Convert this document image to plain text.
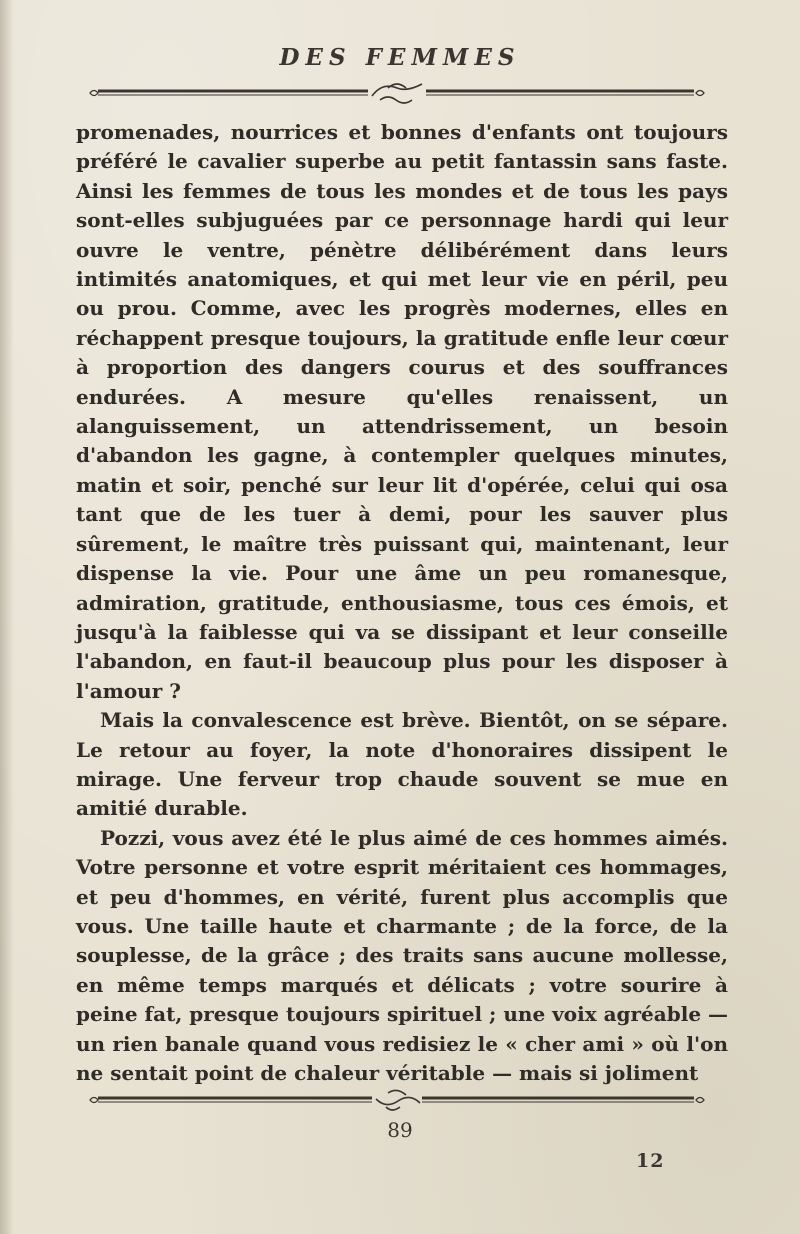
DES FEMMES

promenades, nourrices et bonnes d'enfants ont toujours préféré le cavalier superbe au petit fantassin sans faste. Ainsi les femmes de tous les mondes et de tous les pays sont-elles subjuguées par ce personnage hardi qui leur ouvre le ventre, pénètre délibérément dans leurs intimités anatomiques, et qui met leur vie en péril, peu ou prou. Comme, avec les progrès modernes, elles en réchappent presque toujours, la gratitude enfle leur cœur à proportion des dangers courus et des souffrances endurées. A mesure qu'elles renaissent, un alanguissement, un attendrissement, un besoin d'abandon les gagne, à contempler quelques minutes, matin et soir, penché sur leur lit d'opérée, celui qui osa tant que de les tuer à demi, pour les sauver plus sûrement, le maître très puissant qui, maintenant, leur dispense la vie. Pour une âme un peu romanesque, admiration, gratitude, enthousiasme, tous ces émois, et jusqu'à la faiblesse qui va se dissipant et leur conseille l'abandon, en faut-il beaucoup plus pour les disposer à l'amour ?

Mais la convalescence est brève. Bientôt, on se sépare. Le retour au foyer, la note d'honoraires dissipent le mirage. Une ferveur trop chaude souvent se mue en amitié durable.

Pozzi, vous avez été le plus aimé de ces hommes aimés. Votre personne et votre esprit méritaient ces hommages, et peu d'hommes, en vérité, furent plus accomplis que vous. Une taille haute et charmante ; de la force, de la souplesse, de la grâce ; des traits sans aucune mollesse, en même temps marqués et délicats ; votre sourire à peine fat, presque toujours spirituel ; une voix agréable — un rien banale quand vous redisiez le « cher ami » où l'on ne sentait point de chaleur véritable — mais si joliment

89
12
